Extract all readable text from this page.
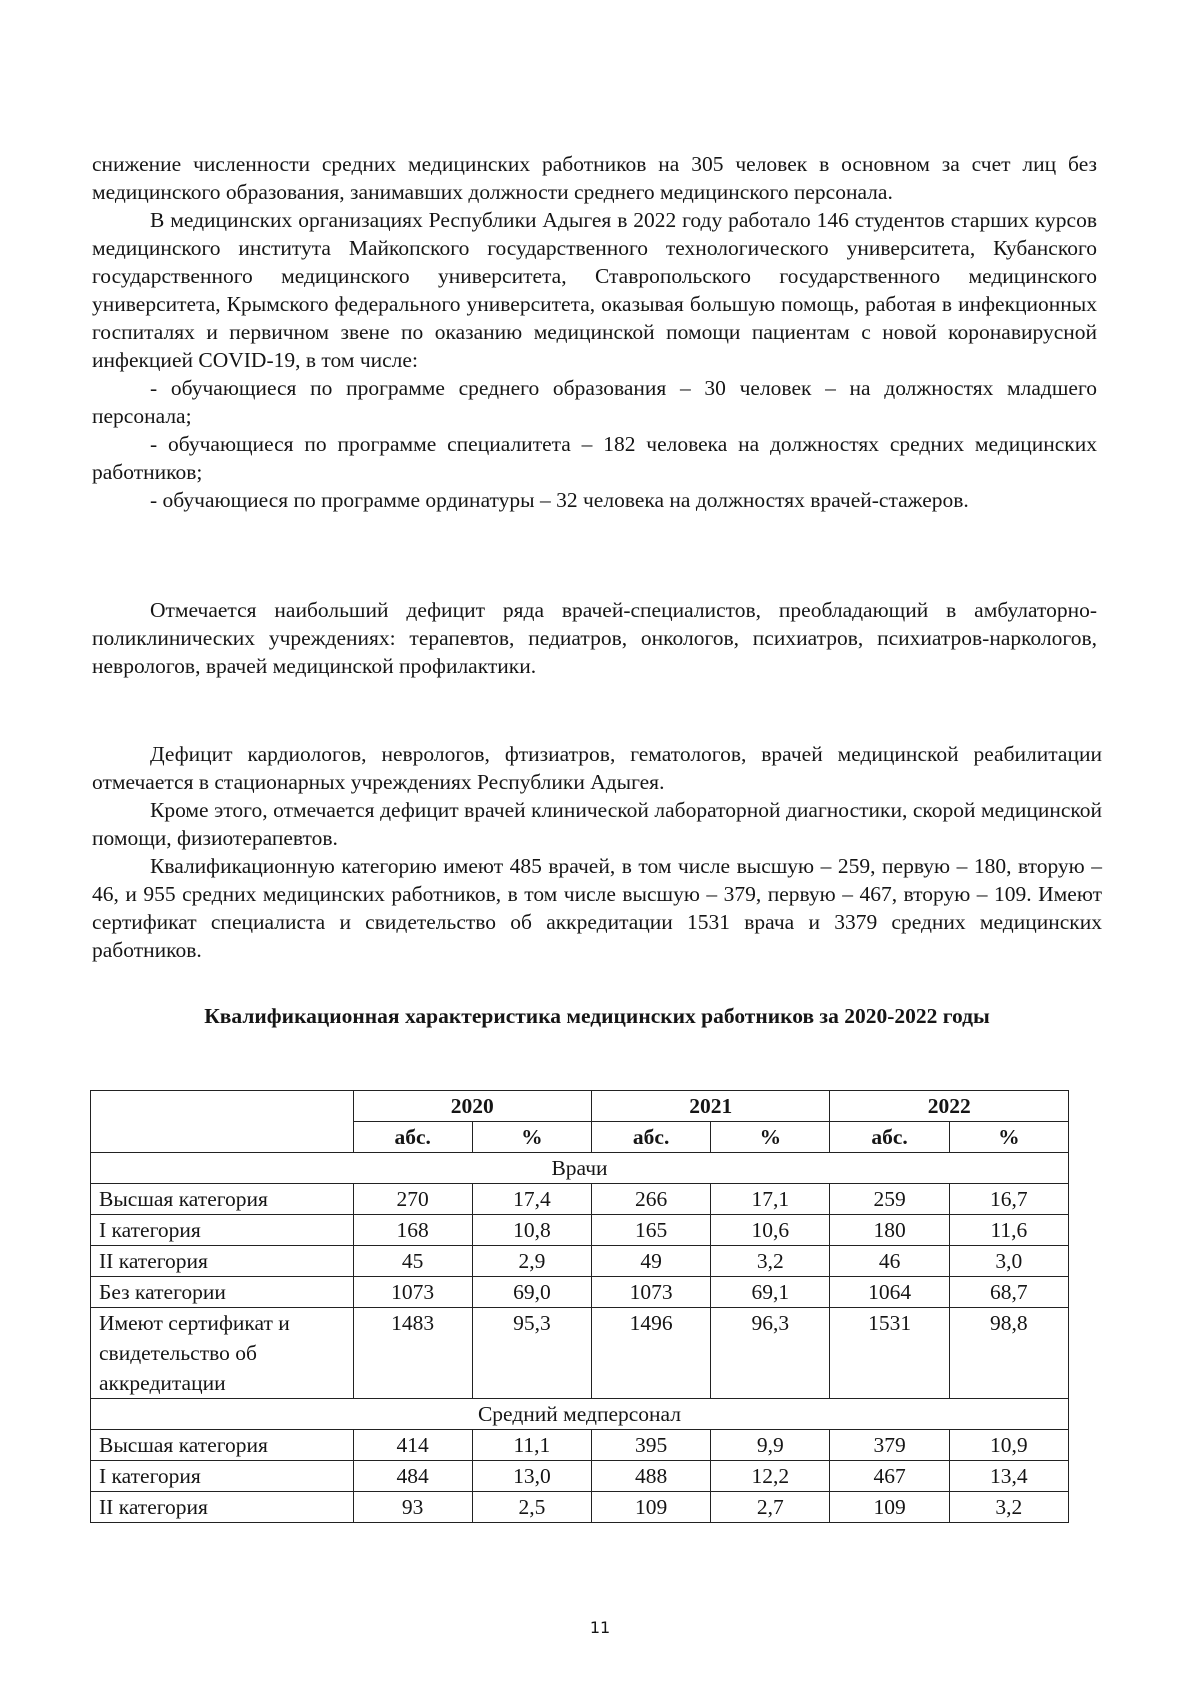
снижение численности средних медицинских работников на 305 человек в основном за счет лиц без медицинского образования, занимавших должности среднего медицинского персонала.

В медицинских организациях Республики Адыгея в 2022 году работало 146 студентов старших курсов медицинского института Майкопского государственного технологического университета, Кубанского государственного медицинского университета, Ставропольского государственного медицинского университета, Крымского федерального университета, оказывая большую помощь, работая в инфекционных госпиталях и первичном звене по оказанию медицинской помощи пациентам с новой коронавирусной инфекцией COVID-19, в том числе:

- обучающиеся по программе среднего образования – 30 человек – на должностях младшего персонала;

- обучающиеся по программе специалитета – 182 человека на должностях средних медицинских работников;

- обучающиеся по программе ординатуры – 32 человека на должностях врачей-стажеров.

Отмечается наибольший дефицит ряда врачей-специалистов, преобладающий в амбулаторно-поликлинических учреждениях: терапевтов, педиатров, онкологов, психиатров, психиатров-наркологов, неврологов, врачей медицинской профилактики.

Дефицит кардиологов, неврологов, фтизиатров, гематологов, врачей медицинской реабилитации отмечается в стационарных учреждениях Республики Адыгея.

Кроме этого, отмечается дефицит врачей клинической лабораторной диагностики, скорой медицинской помощи, физиотерапевтов.

Квалификационную категорию имеют 485 врачей, в том числе высшую – 259, первую – 180, вторую – 46, и 955 средних медицинских работников, в том числе высшую – 379, первую – 467, вторую – 109. Имеют сертификат специалиста и свидетельство об аккредитации 1531 врача и 3379 средних медицинских работников.

Квалификационная характеристика медицинских работников за 2020-2022 годы
	2020		2021		2022	
	абс.	%	абс.	%	абс.	%
Врачи						
Высшая категория	270	17,4	266	17,1	259	16,7
I категория	168	10,8	165	10,6	180	11,6
II категория	45	2,9	49	3,2	46	3,0
Без категории	1073	69,0	1073	69,1	1064	68,7
Имеют сертификат и свидетельство об аккредитации	1483	95,3	1496	96,3	1531	98,8
Средний медперсонал						
Высшая категория	414	11,1	395	9,9	379	10,9
I категория	484	13,0	488	12,2	467	13,4
II категория	93	2,5	109	2,7	109	3,2
11
